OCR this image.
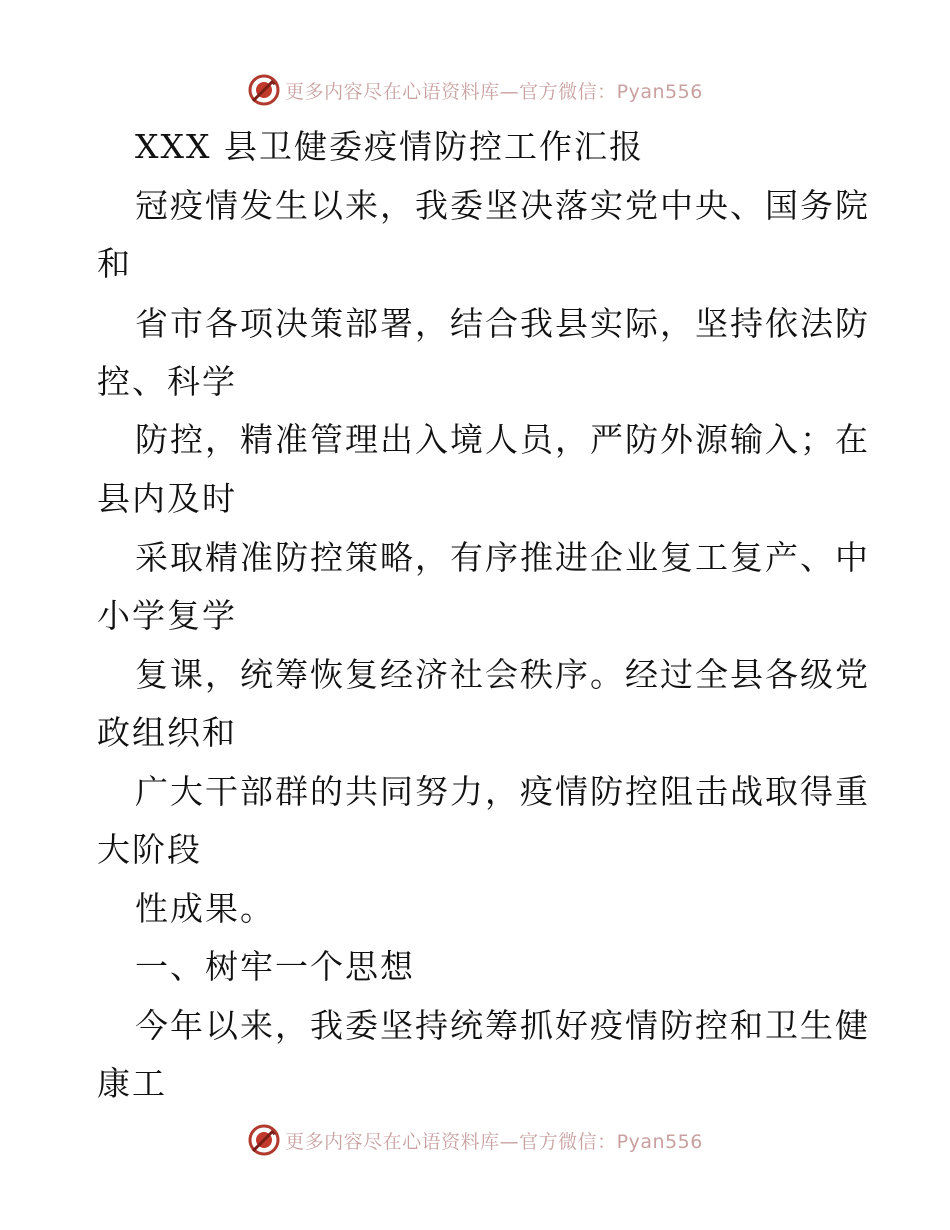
更多内容尽在心语资料库—官方微信：Pyan556
XXX 县卫健委疫情防控工作汇报
冠疫情发生以来，我委坚决落实党中央、国务院
和
省市各项决策部署，结合我县实际，坚持依法防
控、科学
防控，精准管理出入境人员，严防外源输入；在
县内及时
采取精准防控策略，有序推进企业复工复产、中
小学复学
复课，统筹恢复经济社会秩序。经过全县各级党
政组织和
广大干部群的共同努力，疫情防控阻击战取得重
大阶段
性成果。
一、树牢一个思想
今年以来，我委坚持统筹抓好疫情防控和卫生健
康工
更多内容尽在心语资料库—官方微信：Pyan556
